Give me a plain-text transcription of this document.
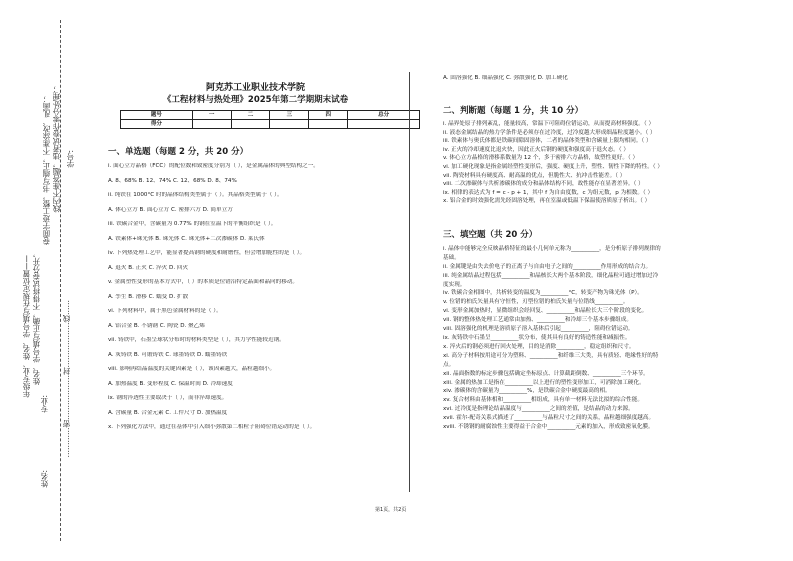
学号:
线内不准答题，违者试卷作零分处理；
卷面字迹工整，书写端正，不准涂改、乱画；
姓名、学号填写正确，不得将试卷分开，
年级专业、姓名、学号填写在规定位置——	…………密………………封………………线……
专业:
姓名:
阿克苏工业职业技术学院
《工程材料与热处理》2025年第二学期期末试卷
题号	一	二	三	四	总分
得分					
一、单选题（每题 2 分，共 20 分）
i. 面心立方晶格（FCC）的配位数和致密度分别为（ ），是金属晶体的典型结构之一。
A. 8、68% B. 12、74% C. 12、68% D. 8、74%
ii. 纯铁在 1000°C 时的晶体结构类型属于（ ）。其晶格类型属于（ ）。
A. 体心立方 B. 面心立方 C. 密排六方 D. 简单立方
iii. 铁碳合金中，含碳量为 0.77% 的钢在室温下的平衡组织是（ ）。
A. 铁素体+珠光体 B. 珠光体 C. 珠光体+二次渗碳体 D. 莱氏体
iv. 下列热处理工艺中，能显著提高钢的硬度和耐磨性，但会增加脆性的是（ ）。
A. 退火 B. 正火 C. 淬火 D. 回火
v. 金属塑性变形的基本方式中，（ ）的本质是位错沿特定晶面和晶向的移动。
A. 孪生 B. 滑移 C. 蠕变 D. 扩散
vi. 下列材料中，属于黑色金属材料的是（ ）。
A. 铝合金 B. 不锈钢 C. 陶瓷 D. 聚乙烯
vii. 铸铁中，石墨呈球状分布时的材料类型是（ ），其力学性能较近钢。
A. 灰铸铁 B. 可锻铸铁 C. 球墨铸铁 D. 蠕墨铸铁
viii. 影响再结晶温度的关键因素是（ ），该因素越大，晶粒越细小。
A. 加热温度 B. 变形程度 C. 保温时间 D. 冷却速度
ix. 钢的淬透性主要取决于（ ），而非淬却速度。
A. 含碳量 B. 合金元素 C. 工件尺寸 D. 加热温度
x. 下列强化方法中，通过在基体中引入细小弥散第二相粒子阻碍位错运动的是（ ）。
A. 固溶强化 B. 细晶强化 C. 弥散强化 D. 加工硬化
二、判断题（每题 1 分，共 10 分）
i. 晶界处原子排列紊乱，能量较高，常温下可阻碍位错运动，从而提高材料强度。（ ）
ii. 液态金属结晶的热力学条件是必须存在过冷度，过冷度越大形成细晶粒度越小。（ ）
iii. 铁素体与奥氏体都是铁碳间隙固溶体，二者的晶体类型和含碳量上限均相同。（ ）
iv. 正火的冷却速度比退火快，因此正火后钢的硬度和强度高于退火态。（ ）
v. 体心立方晶格的滑移系数量为 12 个，多于密排六方晶格，故塑性更好。（ ）
vi. 加工硬化现象是指金属经塑性变形后，强度、硬度上升，塑性、韧性下降的特性。（ ）
vii. 陶瓷材料具有硬度高、耐高温的优点，但脆性大、抗冲击性能差。（ ）
viii. 二次渗碳体与共析渗碳体的成分和晶体结构不同，故性能存在显著差异。（ ）
ix. 相律的表达式为 f = c - p + 1，其中 f 为自由度数，c 为组元数，p 为相数。（ ）
x. 铝合金的时效强化需先经固溶处理，再在室温或低温下保温使溶质原子析出。（ ）
三、填空题（共 20 分）
i. 晶体中能够完全反映晶格特征的最小几何单元称为__________，是分析原子排列规律的
基础。
ii. 金属键是由失去价电子的正离子与自由电子之间的__________作用形成的结合力。
iii. 纯金属结晶过程包括__________和晶核长大两个基本阶段，细化晶粒可通过增加过冷
度实现。
iv. 铁碳合金相图中，共析转变的温度为__________°C，转变产物为珠光体（P）。
v. 位错的柏氏矢量具有守恒性，刃型位错的柏氏矢量与位错线__________。
vi. 变形金属加热时，显微组织会经回复、__________和晶粒长大三个阶段的变化。
vii. 钢的整体热处理工艺通常由加热、__________和冷却三个基本步骤组成。
viii. 固溶强化的机理是溶质原子溶入基体后引起__________，阻碍位错运动。
ix. 灰铸铁中石墨呈__________状分布，使其具有良好的铸造性能和减振性。
x. 淬火后的钢必须进行回火处理，目的是消除__________，稳定组织和尺寸。
xi. 高分子材料按用途可分为塑料、__________和纤维三大类，具有质轻、绝缘性好的特
点。
xii. 晶面指数的标定步骤包括确定坐标原点、计算截距倒数、__________三个环节。
xiii. 金属的热加工是指在__________以上进行的塑性变形加工，可消除加工硬化。
xiv. 渗碳体的含碳量为__________%，是铁碳合金中硬度最高的相。
xv. 复合材料由基体相和__________相组成，具有单一材料无法比拟的综合性能。
xvi. 过冷度是指理论结晶温度与__________之间的差值，是结晶的动力来源。
xvii. 霍尔-配奇关系式描述了__________与晶粒尺寸之间的关系，晶粒越细强度越高。
xviii. 不锈钢的耐腐蚀性主要得益于合金中__________元素的加入，形成致密氧化膜。
第1页，共2页
